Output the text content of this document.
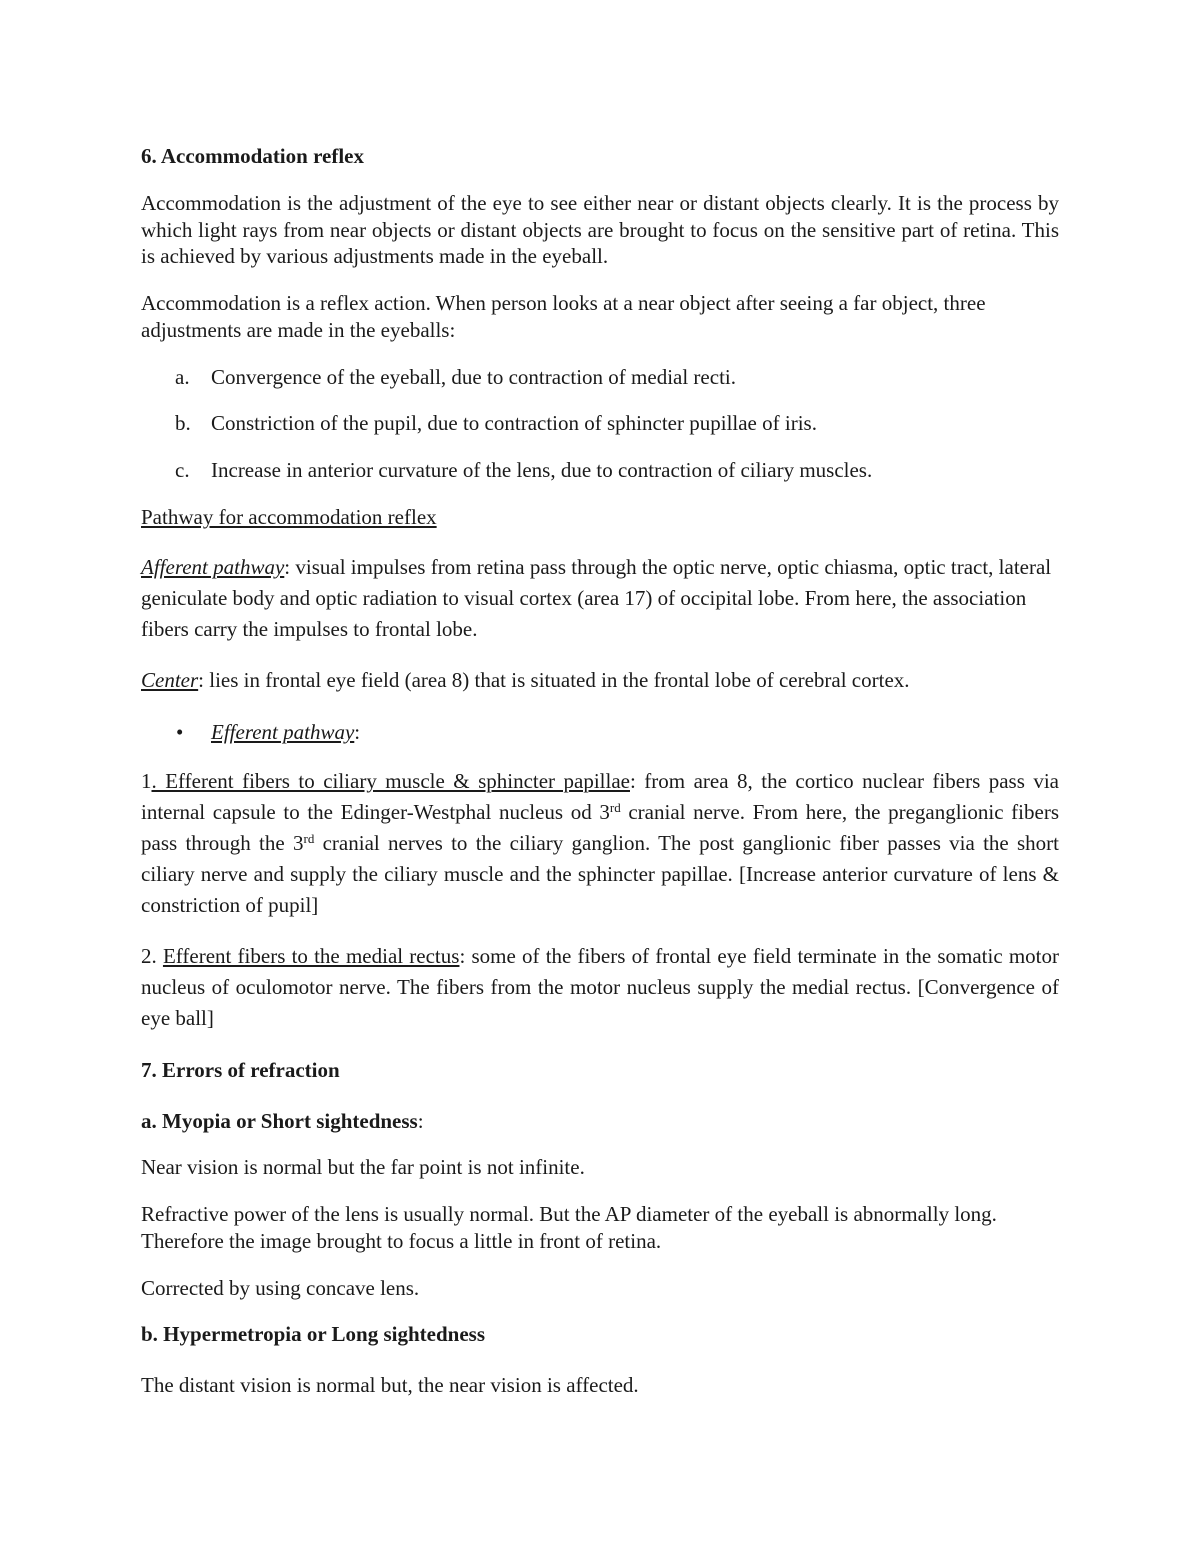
6. Accommodation reflex

Accommodation is the adjustment of the eye to see either near or distant objects clearly. It is the process by which light rays from near objects or distant objects are brought to focus on the sensitive part of retina. This is achieved by various adjustments made in the eyeball.

Accommodation is a reflex action. When person looks at a near object after seeing a far object, three adjustments are made in the eyeballs:

a. Convergence of the eyeball, due to contraction of medial recti.
b. Constriction of the pupil, due to contraction of sphincter pupillae of iris.
c. Increase in anterior curvature of the lens, due to contraction of ciliary muscles.

Pathway for accommodation reflex

Afferent pathway: visual impulses from retina pass through the optic nerve, optic chiasma, optic tract, lateral geniculate body and optic radiation to visual cortex (area 17) of occipital lobe. From here, the association fibers carry the impulses to frontal lobe.

Center: lies in frontal eye field (area 8) that is situated in the frontal lobe of cerebral cortex.

• Efferent pathway:

1. Efferent fibers to ciliary muscle & sphincter papillae: from area 8, the cortico nuclear fibers pass via internal capsule to the Edinger-Westphal nucleus od 3rd cranial nerve. From here, the preganglionic fibers pass through the 3rd cranial nerves to the ciliary ganglion. The post ganglionic fiber passes via the short ciliary nerve and supply the ciliary muscle and the sphincter papillae. [Increase anterior curvature of lens & constriction of pupil]

2. Efferent fibers to the medial rectus: some of the fibers of frontal eye field terminate in the somatic motor nucleus of oculomotor nerve. The fibers from the motor nucleus supply the medial rectus. [Convergence of eye ball]

7. Errors of refraction

a. Myopia or Short sightedness:

Near vision is normal but the far point is not infinite.

Refractive power of the lens is usually normal. But the AP diameter of the eyeball is abnormally long. Therefore the image brought to focus a little in front of retina.

Corrected by using concave lens.

b. Hypermetropia or Long sightedness

The distant vision is normal but, the near vision is affected.
